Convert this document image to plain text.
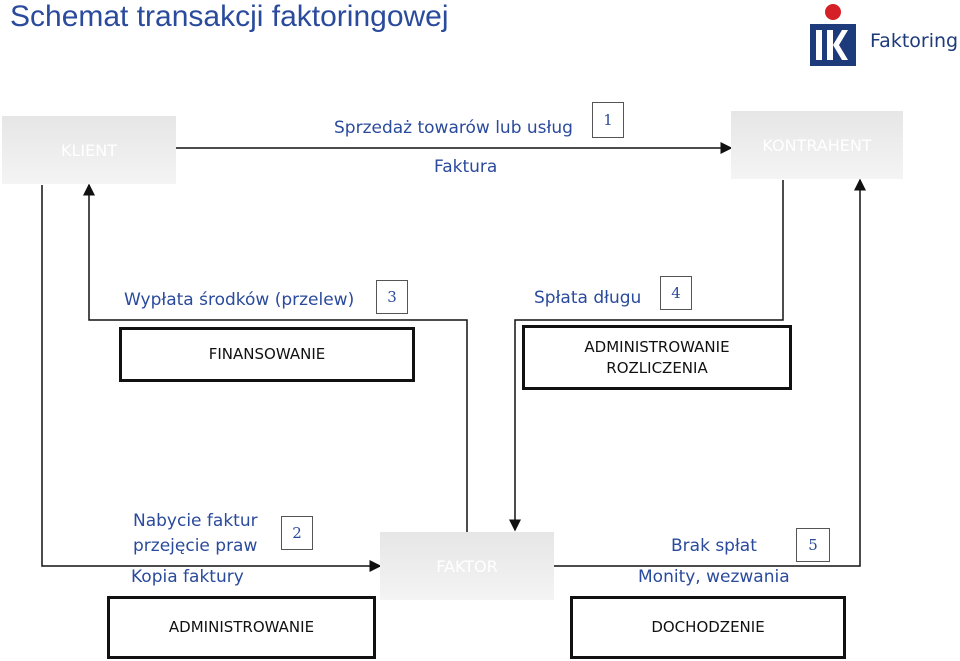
Schemat transakcji faktoringowej
Faktoring
KLIENT	KONTRAHENT
FAKTOR
Sprzedaż towarów lub usług
Faktura
1
Wypłata środków (przelew)	3	Spłata długu	4
FINANSOWANIE	ADMINISTROWANIE
ROZLICZENIA
Nabycie faktur
przejęcie praw
Kopia faktury
2
Brak spłat
Monity, wezwania
5
ADMINISTROWANIE	DOCHODZENIE
